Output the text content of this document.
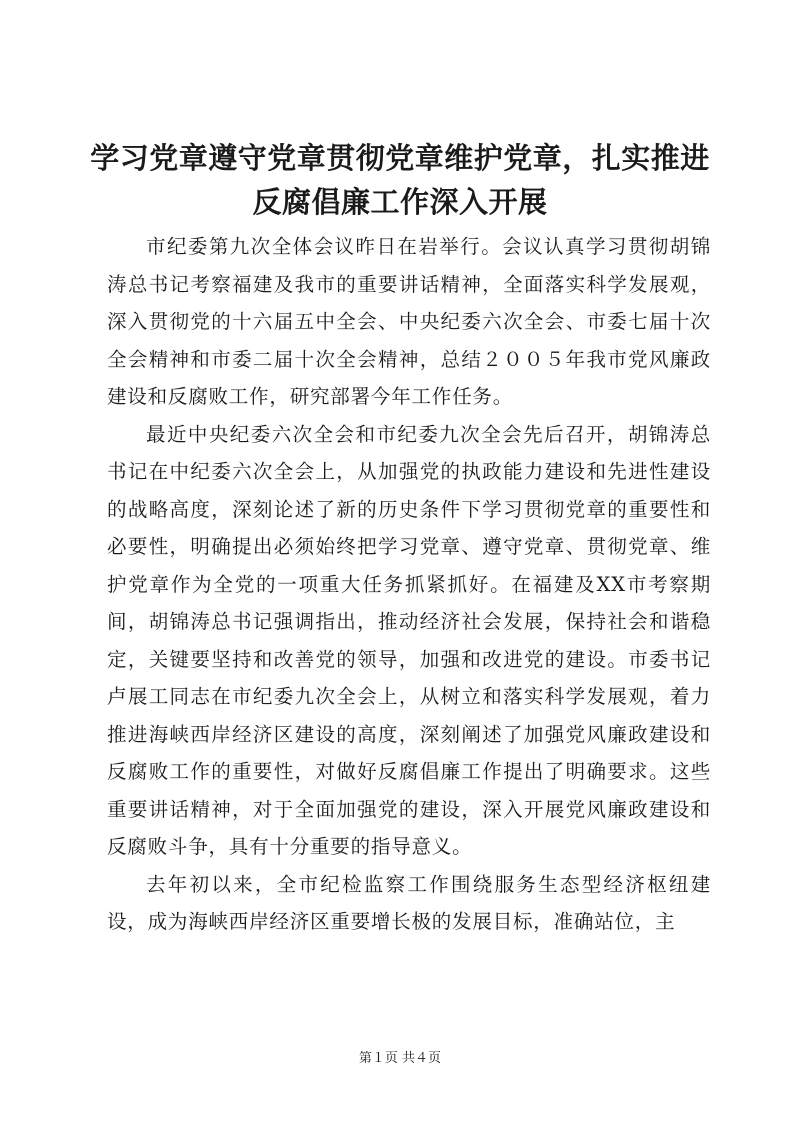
学习党章遵守党章贯彻党章维护党章，扎实推进反腐倡廉工作深入开展

市纪委第九次全体会议昨日在岩举行。会议认真学习贯彻胡锦涛总书记考察福建及我市的重要讲话精神，全面落实科学发展观，深入贯彻党的十六届五中全会、中央纪委六次全会、市委七届十次全会精神和市委二届十次全会精神，总结２００５年我市党风廉政建设和反腐败工作，研究部署今年工作任务。

最近中央纪委六次全会和市纪委九次全会先后召开，胡锦涛总书记在中纪委六次全会上，从加强党的执政能力建设和先进性建设的战略高度，深刻论述了新的历史条件下学习贯彻党章的重要性和必要性，明确提出必须始终把学习党章、遵守党章、贯彻党章、维护党章作为全党的一项重大任务抓紧抓好。在福建及XX市考察期间，胡锦涛总书记强调指出，推动经济社会发展，保持社会和谐稳定，关键要坚持和改善党的领导，加强和改进党的建设。市委书记卢展工同志在市纪委九次全会上，从树立和落实科学发展观，着力推进海峡西岸经济区建设的高度，深刻阐述了加强党风廉政建设和反腐败工作的重要性，对做好反腐倡廉工作提出了明确要求。这些重要讲话精神，对于全面加强党的建设，深入开展党风廉政建设和反腐败斗争，具有十分重要的指导意义。

去年初以来，全市纪检监察工作围绕服务生态型经济枢纽建设，成为海峡西岸经济区重要增长极的发展目标，准确站位，主

第１页 共４页
